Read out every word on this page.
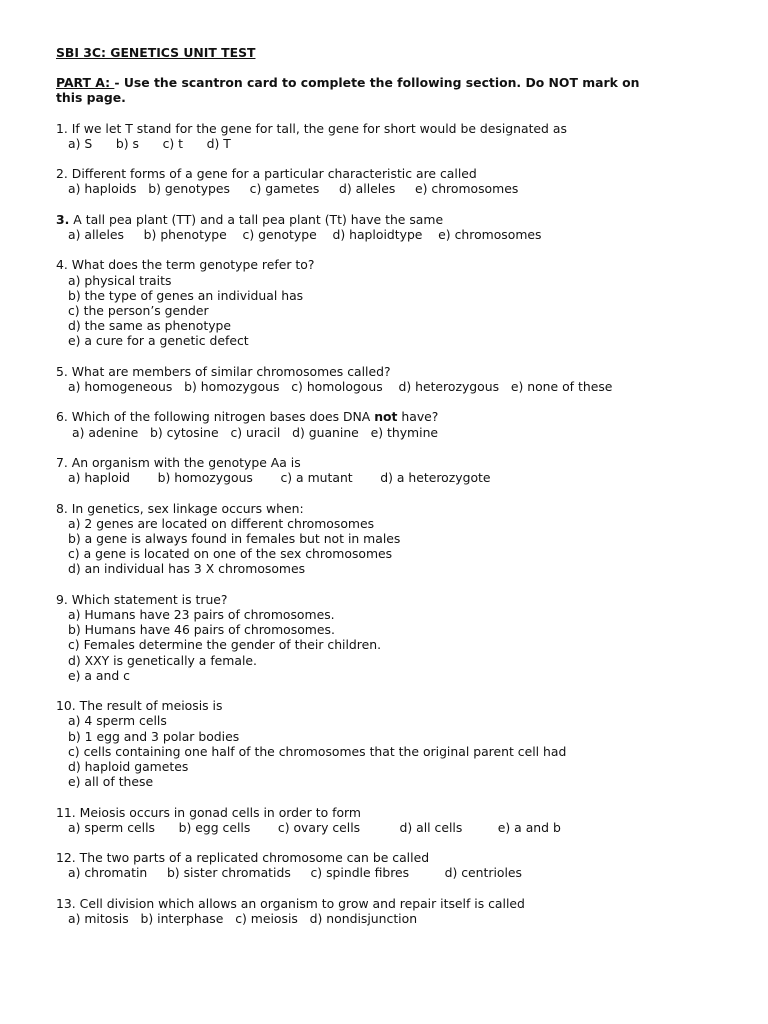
SBI 3C: GENETICS UNIT TEST
PART A: - Use the scantron card to complete the following section. Do NOT mark on
this page.
1. If we let T stand for the gene for tall, the gene for short would be designated as
a) S      b) s      c) t      d) T
2. Different forms of a gene for a particular characteristic are called
a) haploids   b) genotypes     c) gametes     d) alleles     e) chromosomes
3. A tall pea plant (TT) and a tall pea plant (Tt) have the same
a) alleles     b) phenotype    c) genotype    d) haploidtype    e) chromosomes
4. What does the term genotype refer to?
a) physical traits
b) the type of genes an individual has
c) the person’s gender
d) the same as phenotype
e) a cure for a genetic defect
5. What are members of similar chromosomes called?
a) homogeneous   b) homozygous   c) homologous    d) heterozygous   e) none of these
6. Which of the following nitrogen bases does DNA not have?
a) adenine   b) cytosine   c) uracil   d) guanine   e) thymine
7. An organism with the genotype Aa is
a) haploid       b) homozygous       c) a mutant       d) a heterozygote
8. In genetics, sex linkage occurs when:
a) 2 genes are located on different chromosomes
b) a gene is always found in females but not in males
c) a gene is located on one of the sex chromosomes
d) an individual has 3 X chromosomes
9. Which statement is true?
a) Humans have 23 pairs of chromosomes.
b) Humans have 46 pairs of chromosomes.
c) Females determine the gender of their children.
d) XXY is genetically a female.
e) a and c
10. The result of meiosis is
a) 4 sperm cells
b) 1 egg and 3 polar bodies
c) cells containing one half of the chromosomes that the original parent cell had
d) haploid gametes
e) all of these
11. Meiosis occurs in gonad cells in order to form
a) sperm cells      b) egg cells       c) ovary cells          d) all cells         e) a and b
12. The two parts of a replicated chromosome can be called
a) chromatin     b) sister chromatids     c) spindle fibres         d) centrioles
13. Cell division which allows an organism to grow and repair itself is called
a) mitosis   b) interphase   c) meiosis   d) nondisjunction
